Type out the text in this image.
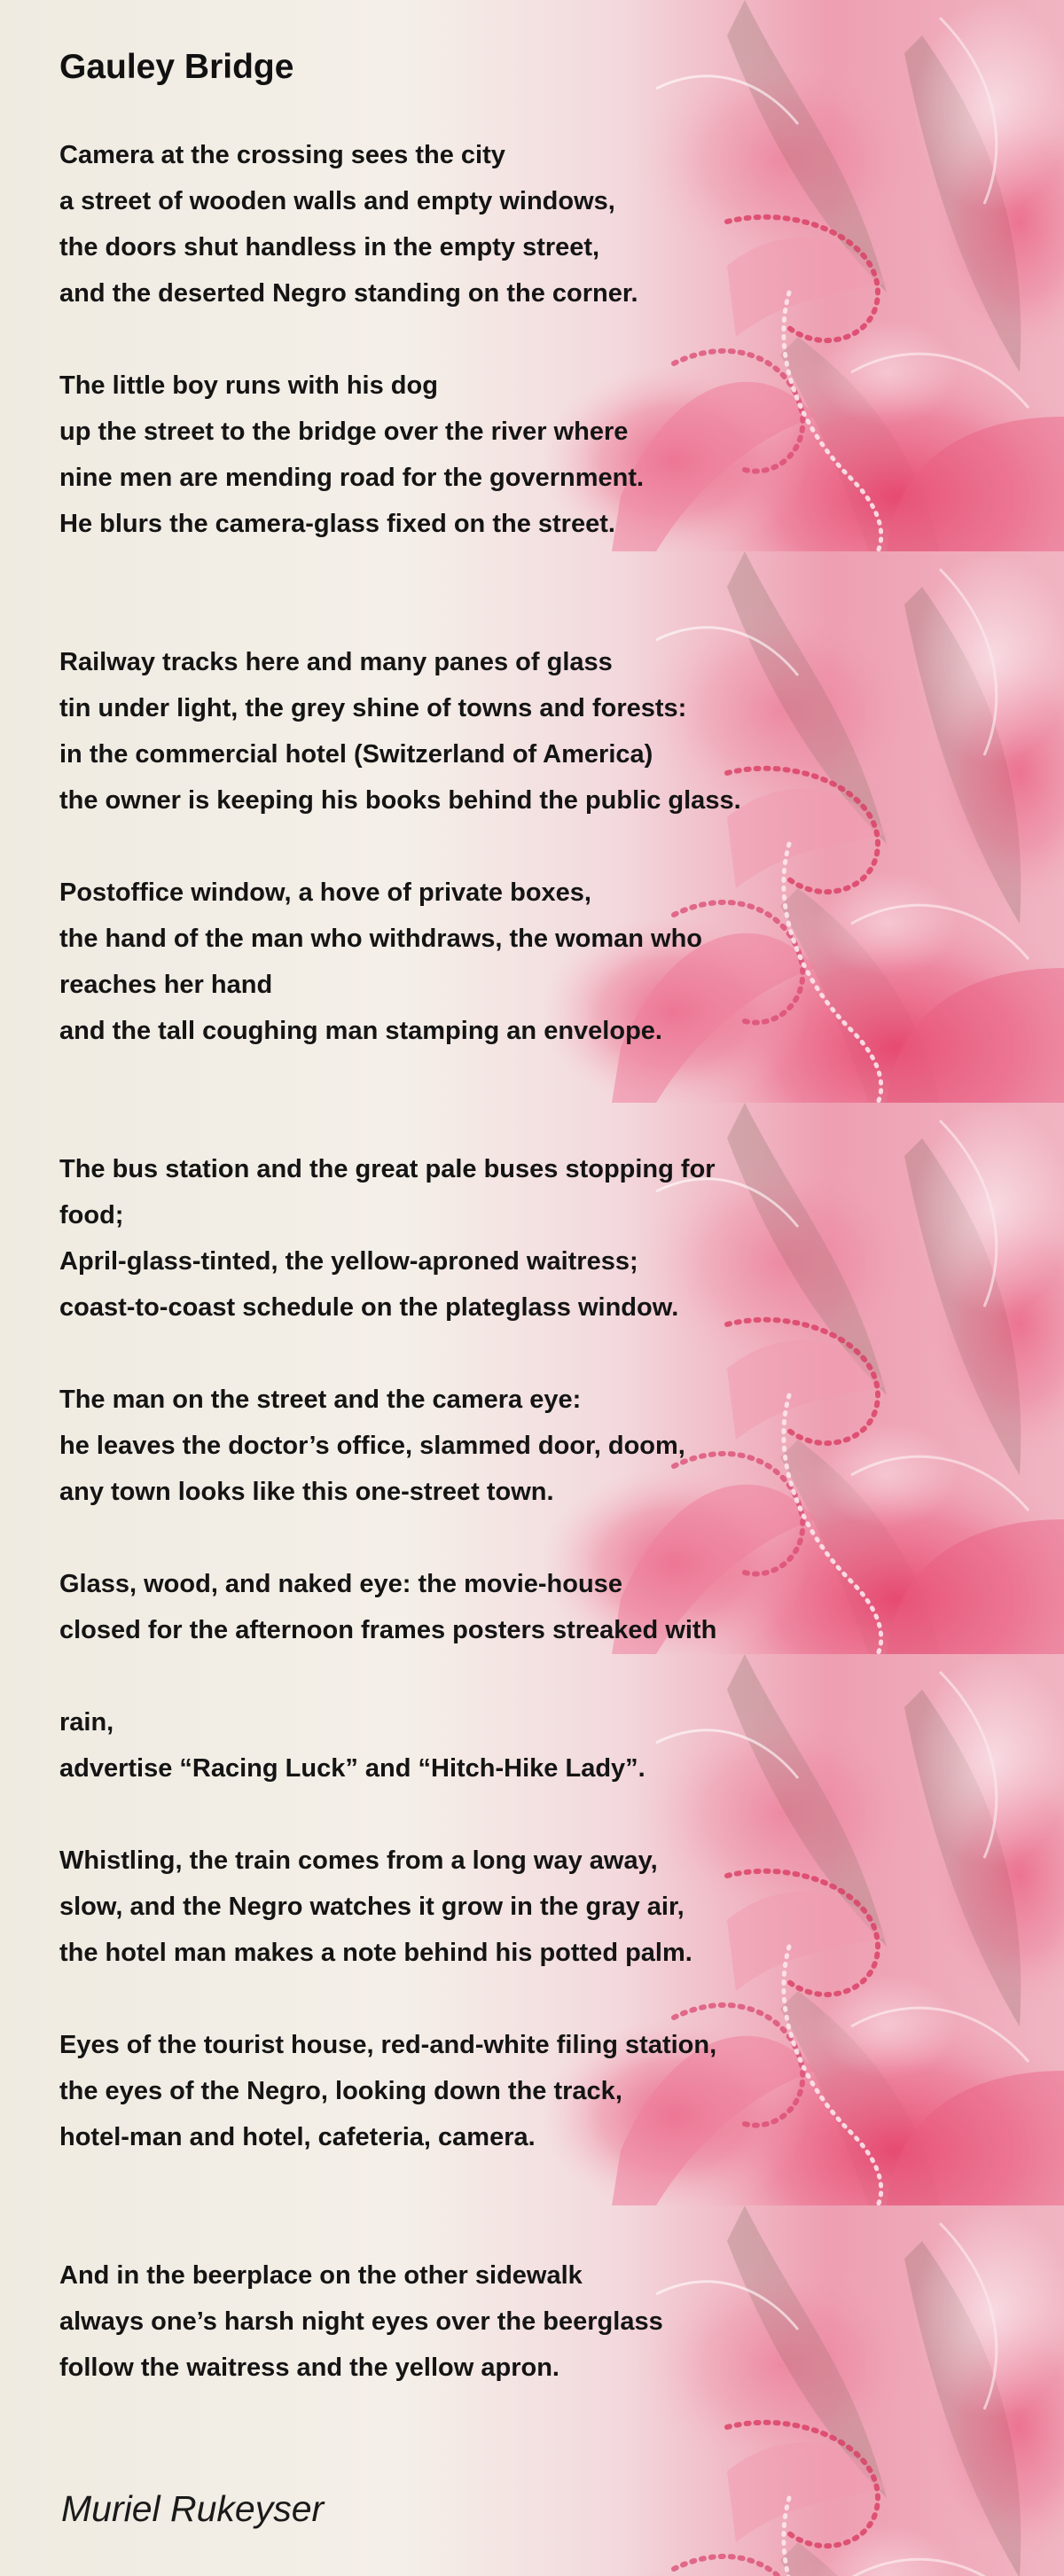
Gauley Bridge

Camera at the crossing sees the city

a street of wooden walls and empty windows,

the doors shut handless in the empty street,

and the deserted Negro standing on the corner.

The little boy runs with his dog

up the street to the bridge over the river where

nine men are mending road for the government.

He blurs the camera-glass fixed on the street.

Railway tracks here and many panes of glass

tin under light, the grey shine of towns and forests:

in the commercial hotel (Switzerland of America)

the owner is keeping his books behind the public glass.

Postoffice window, a hove of private boxes,

the hand of the man who withdraws, the woman who

reaches her hand

and the tall coughing man stamping an envelope.

The bus station and the great pale buses stopping for

food;

April-glass-tinted, the yellow-aproned waitress;

coast-to-coast schedule on the plateglass window.

The man on the street and the camera eye:

he leaves the doctor’s office, slammed door, doom,

any town looks like this one-street town.

Glass, wood, and naked eye: the movie-house

closed for the afternoon frames posters streaked with

rain,

advertise “Racing Luck” and “Hitch-Hike Lady”.

Whistling, the train comes from a long way away,

slow, and the Negro watches it grow in the gray air,

the hotel man makes a note behind his potted palm.

Eyes of the tourist house, red-and-white filing station,

the eyes of the Negro, looking down the track,

hotel-man and hotel, cafeteria, camera.

And in the beerplace on the other sidewalk

always one’s harsh night eyes over the beerglass

follow the waitress and the yellow apron.

Muriel Rukeyser
